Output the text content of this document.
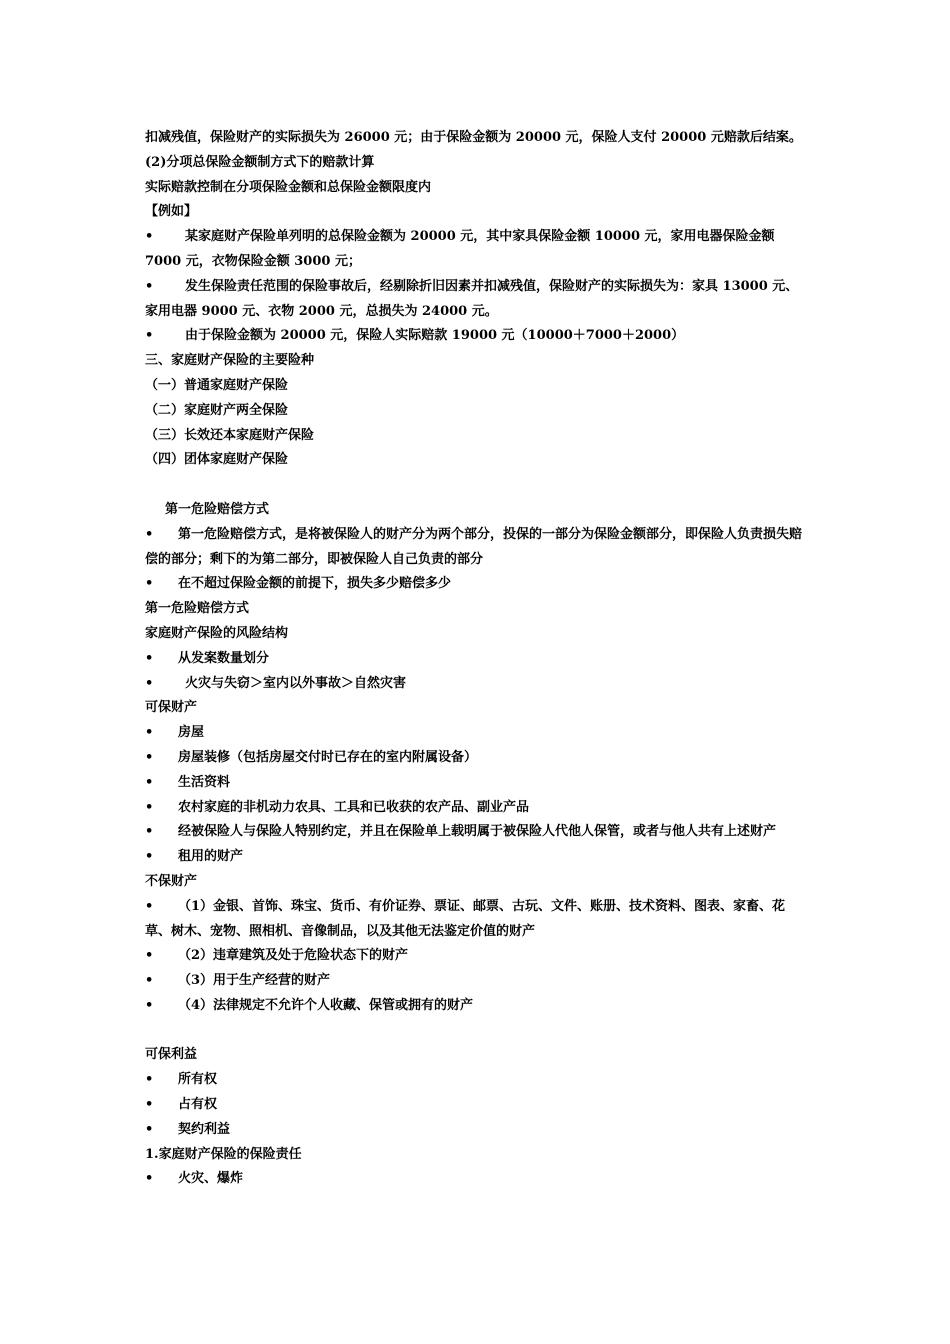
扣减残值，保险财产的实际损失为 26000 元；由于保险金额为 20000 元，保险人支付 20000 元赔款后结案。
(2)分项总保险金额制方式下的赔款计算
实际赔款控制在分项保险金额和总保险金额限度内
【例如】
• 某家庭财产保险单列明的总保险金额为 20000 元，其中家具保险金额 10000 元，家用电器保险金额 7000 元，衣物保险金额 3000 元；
• 发生保险责任范围的保险事故后，经剔除折旧因素并扣减残值，保险财产的实际损失为：家具 13000 元、家用电器 9000 元、衣物 2000 元，总损失为 24000 元。
• 由于保险金额为 20000 元，保险人实际赔款 19000 元（10000＋7000＋2000）
三、家庭财产保险的主要险种
（一）普通家庭财产保险
（二）家庭财产两全保险
（三）长效还本家庭财产保险
（四）团体家庭财产保险
第一危险赔偿方式
• 第一危险赔偿方式，是将被保险人的财产分为两个部分，投保的一部分为保险金额部分，即保险人负责损失赔偿的部分；剩下的为第二部分，即被保险人自己负责的部分
• 在不超过保险金额的前提下，损失多少赔偿多少
第一危险赔偿方式
家庭财产保险的风险结构
• 从发案数量划分
• 火灾与失窃＞室内以外事故＞自然灾害
可保财产
• 房屋
• 房屋装修（包括房屋交付时已存在的室内附属设备）
• 生活资料
• 农村家庭的非机动力农具、工具和已收获的农产品、副业产品
• 经被保险人与保险人特别约定，并且在保险单上载明属于被保险人代他人保管，或者与他人共有上述财产
• 租用的财产
不保财产
• （1）金银、首饰、珠宝、货币、有价证券、票证、邮票、古玩、文件、账册、技术资料、图表、家畜、花草、树木、宠物、照相机、音像制品，以及其他无法鉴定价值的财产
• （2）违章建筑及处于危险状态下的财产
• （3）用于生产经营的财产
• （4）法律规定不允许个人收藏、保管或拥有的财产
可保利益
• 所有权
• 占有权
• 契约利益
1.家庭财产保险的保险责任
• 火灾、爆炸
